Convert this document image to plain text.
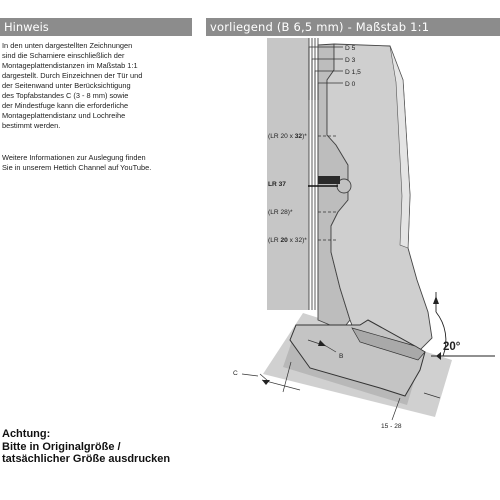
Hinweis	vorliegend (B 6,5 mm) - Maßstab 1:1
In den unten dargestellten Zeichnungen
sind die Scharniere einschließlich der
Montageplattendistanzen im Maßstab 1:1
dargestellt. Durch Einzeichnen der Tür und
der Seitenwand unter Berücksichtigung
des Topfabstandes C (3 - 8 mm) sowie
der Mindestfuge kann die erforderliche
Montageplattendistanz und Lochreihe
bestimmt werden.
Weitere Informationen zur Auslegung finden
Sie in unserem Hettich Channel auf YouTube.
Achtung:
Bitte in Originalgröße /
tatsächlicher Größe ausdrucken
(LR 20 x 32)*
LR 37
(LR 28)*
(LR 20 x 32)*
D 5
D 3
D 1,5
D 0
20°
B
C
15 - 28
